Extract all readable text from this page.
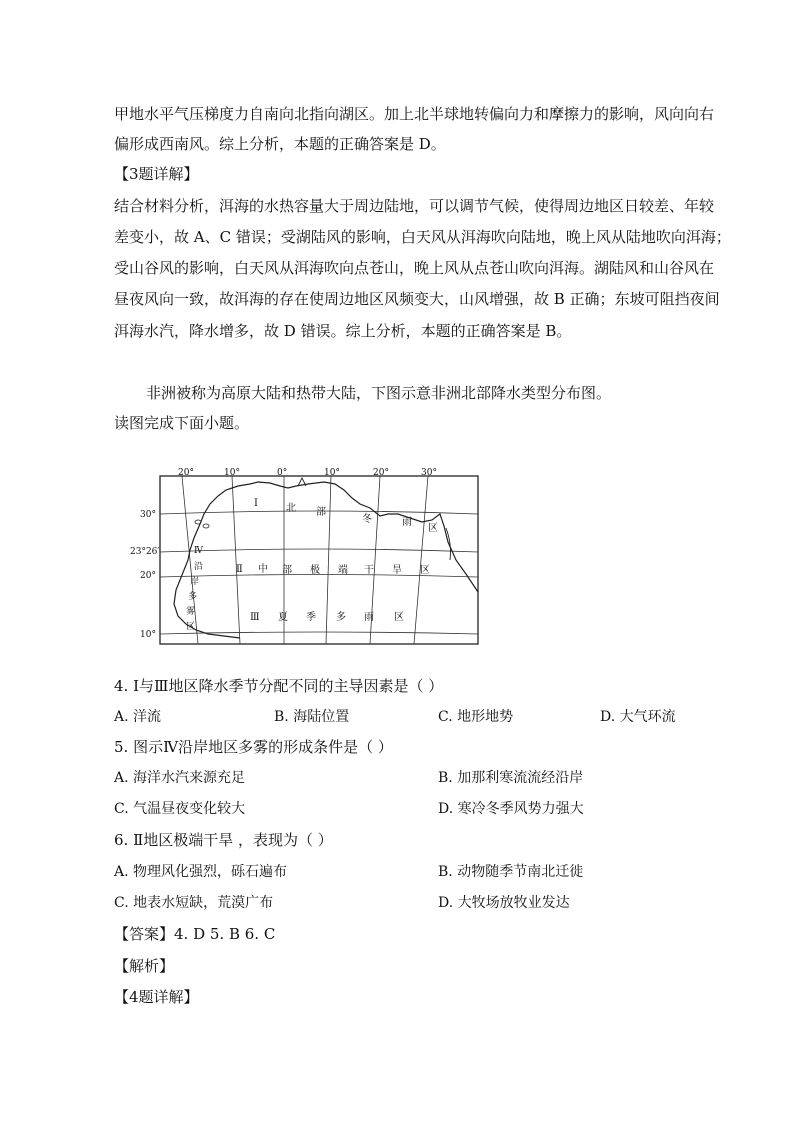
甲地水平气压梯度力自南向北指向湖区。加上北半球地转偏向力和摩擦力的影响，风向向右
偏形成西南风。综上分析，本题的正确答案是 D。
【3题详解】
结合材料分析，洱海的水热容量大于周边陆地，可以调节气候，使得周边地区日较差、年较
差变小，故 A、C 错误；受湖陆风的影响，白天风从洱海吹向陆地，晚上风从陆地吹向洱海；
受山谷风的影响，白天风从洱海吹向点苍山，晚上风从点苍山吹向洱海。湖陆风和山谷风在
昼夜风向一致，故洱海的存在使周边地区风频变大，山风增强，故 B 正确；东坡可阻挡夜间
洱海水汽，降水增多，故 D 错误。综上分析，本题的正确答案是 B。
非洲被称为高原大陆和热带大陆，下图示意非洲北部降水类型分布图。
读图完成下面小题。
20°	10°	0°	10°	20°	30°
30°
23°26′
20°
10°
Ⅰ	北 部
冬	雨
区
Ⅱ 中 部 极 端 干 旱 区
Ⅲ 夏 季 多 雨 区
Ⅳ
沿
岸
多
雾
区
4. Ⅰ与Ⅲ地区降水季节分配不同的主导因素是（ ）
A. 洋流	B. 海陆位置	C. 地形地势	D. 大气环流
5. 图示Ⅳ沿岸地区多雾的形成条件是（ ）
A. 海洋水汽来源充足	B. 加那利寒流流经沿岸
C. 气温昼夜变化较大	D. 寒冷冬季风势力强大
6. Ⅱ地区极端干旱 ，表现为（ ）
A. 物理风化强烈，砾石遍布	B. 动物随季节南北迁徙
C. 地表水短缺，荒漠广布	D. 大牧场放牧业发达
【答案】4. D 5. B 6. C
【解析】
【4题详解】
